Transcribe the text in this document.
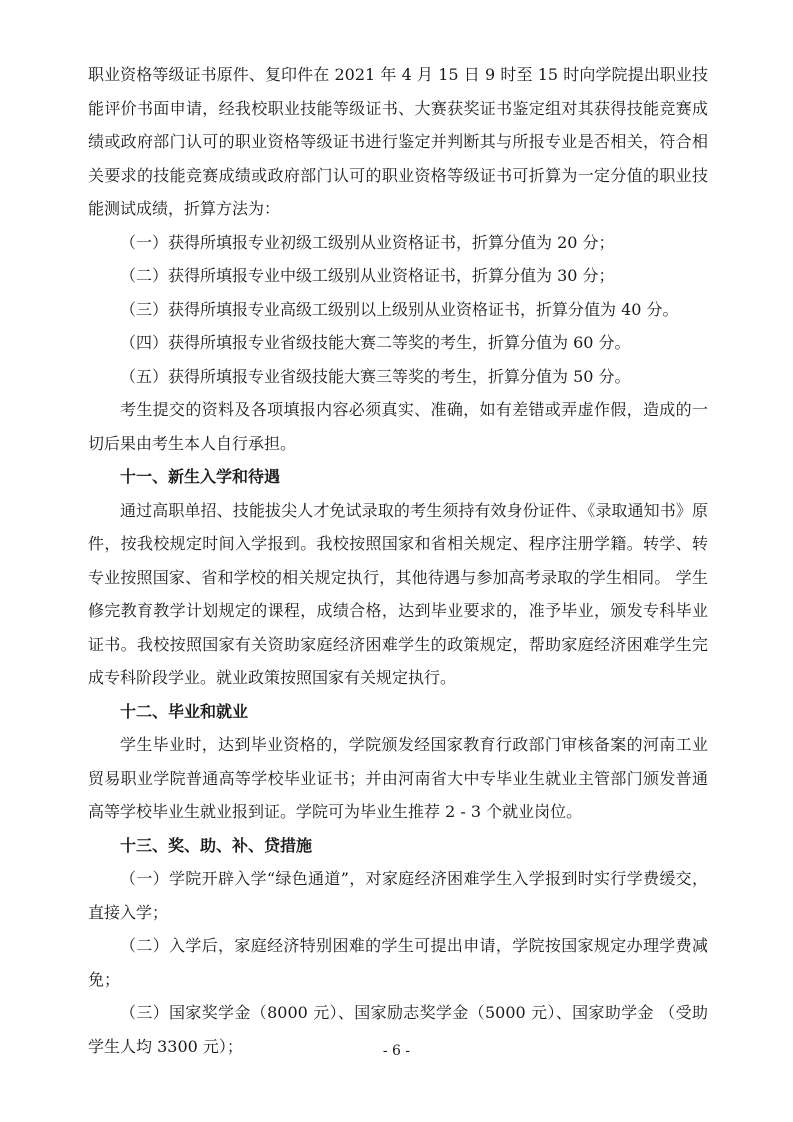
职业资格等级证书原件、复印件在 2021 年 4 月 15 日 9 时至 15 时向学院提出职业技能评价书面申请，经我校职业技能等级证书、大赛获奖证书鉴定组对其获得技能竞赛成绩或政府部门认可的职业资格等级证书进行鉴定并判断其与所报专业是否相关，符合相关要求的技能竞赛成绩或政府部门认可的职业资格等级证书可折算为一定分值的职业技能测试成绩，折算方法为：

（一）获得所填报专业初级工级别从业资格证书，折算分值为 20 分；

（二）获得所填报专业中级工级别从业资格证书，折算分值为 30 分；

（三）获得所填报专业高级工级别以上级别从业资格证书，折算分值为 40 分。

（四）获得所填报专业省级技能大赛二等奖的考生，折算分值为 60 分。

（五）获得所填报专业省级技能大赛三等奖的考生，折算分值为 50 分。

考生提交的资料及各项填报内容必须真实、准确，如有差错或弄虚作假，造成的一切后果由考生本人自行承担。

十一、新生入学和待遇

通过高职单招、技能拔尖人才免试录取的考生须持有效身份证件、《录取通知书》原件，按我校规定时间入学报到。我校按照国家和省相关规定、程序注册学籍。转学、转专业按照国家、省和学校的相关规定执行，其他待遇与参加高考录取的学生相同。 学生修完教育教学计划规定的课程，成绩合格，达到毕业要求的，准予毕业，颁发专科毕业证书。我校按照国家有关资助家庭经济困难学生的政策规定，帮助家庭经济困难学生完成专科阶段学业。就业政策按照国家有关规定执行。

十二、毕业和就业

学生毕业时，达到毕业资格的，学院颁发经国家教育行政部门审核备案的河南工业贸易职业学院普通高等学校毕业证书；并由河南省大中专毕业生就业主管部门颁发普通高等学校毕业生就业报到证。学院可为毕业生推荐 2 - 3 个就业岗位。

十三、奖、助、补、贷措施

（一）学院开辟入学“绿色通道”，对家庭经济困难学生入学报到时实行学费缓交，直接入学；

（二）入学后，家庭经济特别困难的学生可提出申请，学院按国家规定办理学费减免；

（三）国家奖学金（8000 元）、国家励志奖学金（5000 元）、国家助学金 （受助学生人均 3300 元）；	- 6 -
